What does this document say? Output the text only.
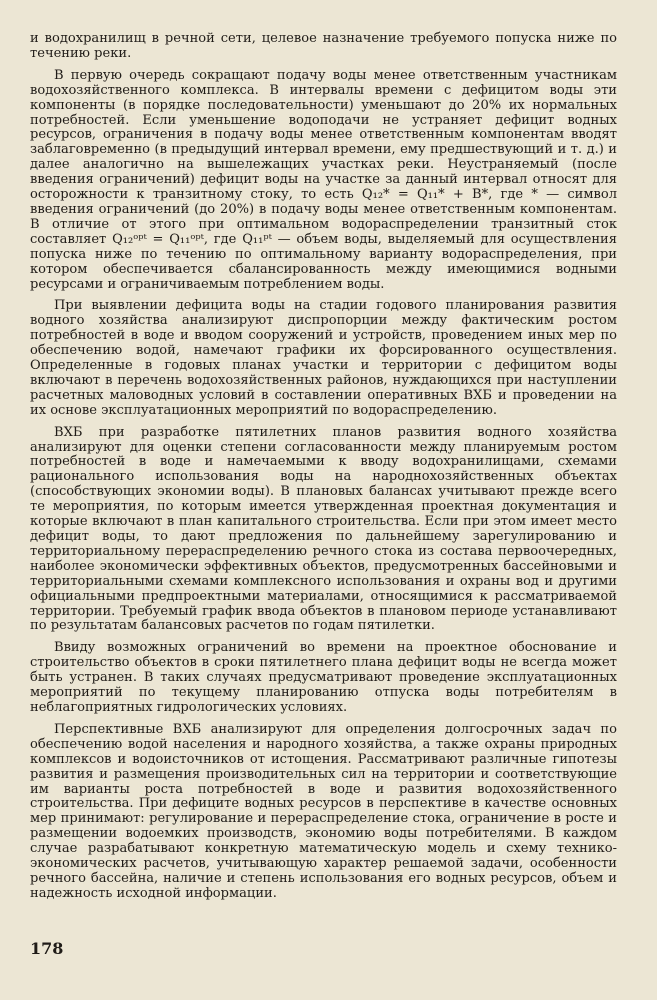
и водохранилищ в речной сети, целевое назначение требуемого попуска ниже по течению реки.

В первую очередь сокращают подачу воды менее ответственным участникам водохозяйственного комплекса. В интервалы времени с дефицитом воды эти компоненты (в порядке последовательности) уменьшают до 20% их нормальных потребностей. Если уменьшение водоподачи не устраняет дефицит водных ресурсов, ограничения в подачу воды менее ответственным компонентам вводят заблаговременно (в предыдущий интервал времени, ему предшествующий и т. д.) и далее аналогично на вышележащих участках реки. Неустраняемый (после введения ограничений) дефицит воды на участке за данный интервал относят для осторожности к транзитному стоку, то есть Q₁₂* = Q₁₁* + B*, где * — символ введения ограничений (до 20%) в подачу воды менее ответственным компонентам. В отличие от этого при оптимальном водораспределении транзитный сток составляет Q₁₂ᵒᵖᵗ = Q₁₁ᵒᵖᵗ, где Q₁₁ᵖᵗ — объем воды, выделяемый для осуществления попуска ниже по течению по оптимальному варианту водораспределения, при котором обеспечивается сбалансированность между имеющимися водными ресурсами и ограничиваемым потреблением воды.

При выявлении дефицита воды на стадии годового планирования развития водного хозяйства анализируют диспропорции между фактическим ростом потребностей в воде и вводом сооружений и устройств, проведением иных мер по обеспечению водой, намечают графики их форсированного осуществления. Определенные в годовых планах участки и территории с дефицитом воды включают в перечень водохозяйственных районов, нуждающихся при наступлении расчетных маловодных условий в составлении оперативных ВХБ и проведении на их основе эксплуатационных мероприятий по водораспределению.

ВХБ при разработке пятилетних планов развития водного хозяйства анализируют для оценки степени согласованности между планируемым ростом потребностей в воде и намечаемыми к вводу водохранилищами, схемами рационального использования воды на народнохозяйственных объектах (способствующих экономии воды). В плановых балансах учитывают прежде всего те мероприятия, по которым имеется утвержденная проектная документация и которые включают в план капитального строительства. Если при этом имеет место дефицит воды, то дают предложения по дальнейшему зарегулированию и территориальному перераспределению речного стока из состава первоочередных, наиболее экономически эффективных объектов, предусмотренных бассейновыми и территориальными схемами комплексного использования и охраны вод и другими официальными предпроектными материалами, относящимися к рассматриваемой территории. Требуемый график ввода объектов в плановом периоде устанавливают по результатам балансовых расчетов по годам пятилетки.

Ввиду возможных ограничений во времени на проектное обоснование и строительство объектов в сроки пятилетнего плана дефицит воды не всегда может быть устранен. В таких случаях предусматривают проведение эксплуатационных мероприятий по текущему планированию отпуска воды потребителям в неблагоприятных гидрологических условиях.

Перспективные ВХБ анализируют для определения долгосрочных задач по обеспечению водой населения и народного хозяйства, а также охраны природных комплексов и водоисточников от истощения. Рассматривают различные гипотезы развития и размещения производительных сил на территории и соответствующие им варианты роста потребностей в воде и развития водохозяйственного строительства. При дефиците водных ресурсов в перспективе в качестве основных мер принимают: регулирование и перераспределение стока, ограничение в росте и размещении водоемких производств, экономию воды потребителями. В каждом случае разрабатывают конкретную математическую модель и схему технико-экономических расчетов, учитывающую характер решаемой задачи, особенности речного бассейна, наличие и степень использования его водных ресурсов, объем и надежность исходной информации.

178
